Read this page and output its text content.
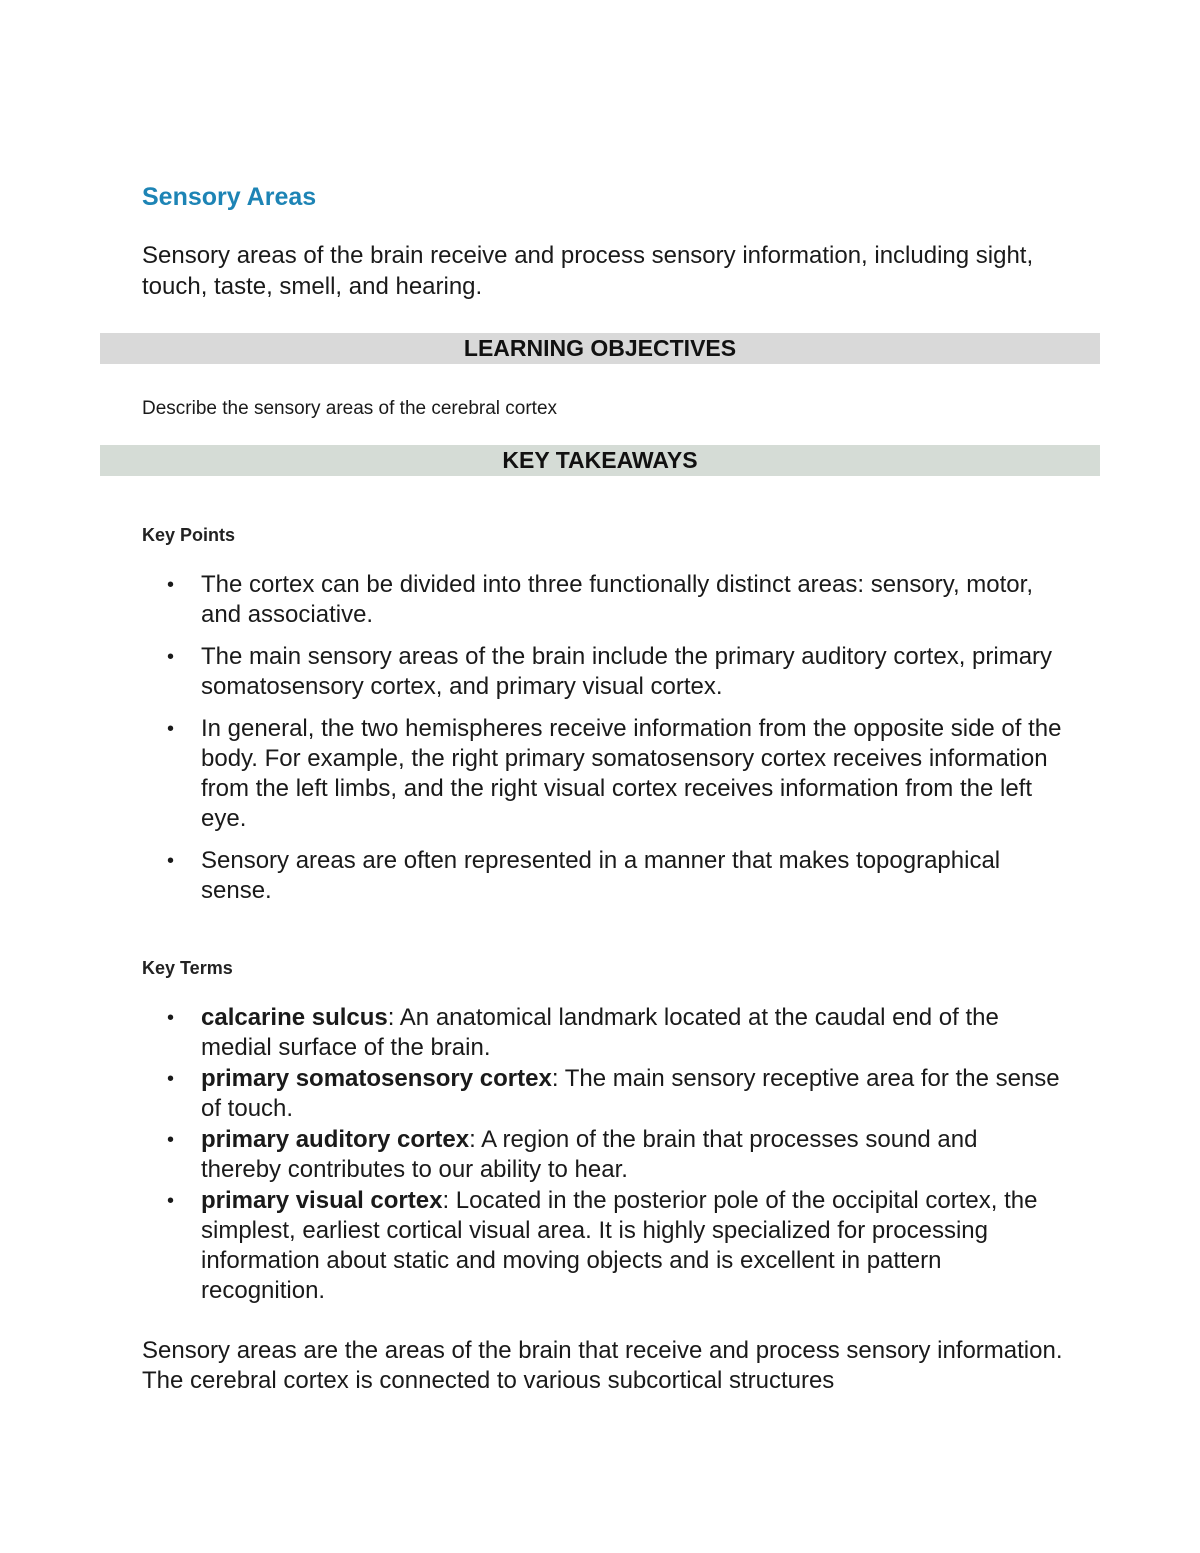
Sensory Areas

Sensory areas of the brain receive and process sensory information, including sight, touch, taste, smell, and hearing.

LEARNING OBJECTIVES

Describe the sensory areas of the cerebral cortex

KEY TAKEAWAYS
Key Points
• The cortex can be divided into three functionally distinct areas: sensory, motor, and associative.
• The main sensory areas of the brain include the primary auditory cortex, primary somatosensory cortex, and primary visual cortex.
• In general, the two hemispheres receive information from the opposite side of the body. For example, the right primary somatosensory cortex receives information from the left limbs, and the right visual cortex receives information from the left eye.
• Sensory areas are often represented in a manner that makes topographical sense.
Key Terms
• calcarine sulcus: An anatomical landmark located at the caudal end of the medial surface of the brain.
• primary somatosensory cortex: The main sensory receptive area for the sense of touch.
• primary auditory cortex: A region of the brain that processes sound and thereby contributes to our ability to hear.
• primary visual cortex: Located in the posterior pole of the occipital cortex, the simplest, earliest cortical visual area. It is highly specialized for processing information about static and moving objects and is excellent in pattern recognition.

Sensory areas are the areas of the brain that receive and process sensory information. The cerebral cortex is connected to various subcortical structures
